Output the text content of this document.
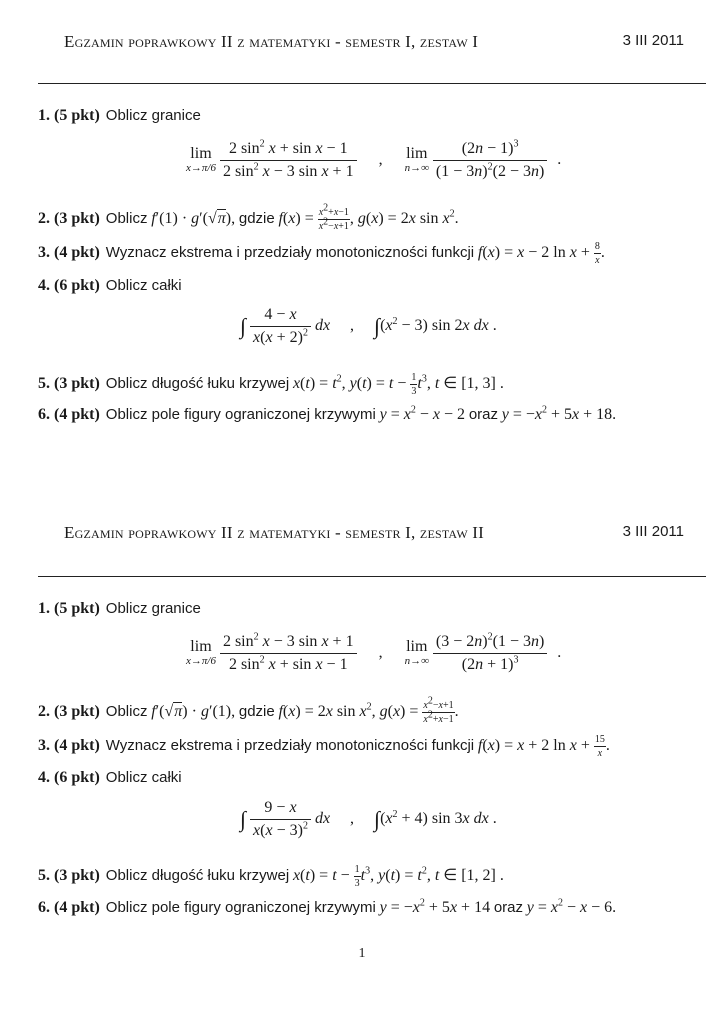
Egzamin poprawkowy II z matematyki - semestr I, zestaw I	3 III 2011
1. (5 pkt) Oblicz granice
lim
x→π/6
$\frac{2 \sin^2 x + \sin x - 1}{2 \sin^2 x - 3 \sin x + 1}$ , lim
n→∞
$\frac{(2n - 1)^3}{(1 - 3n)^2(2 - 3n)}$ .
2. (3 pkt) Oblicz f′(1) · g′(√π), gdzie $f(x) = \frac{x^2+x-1}{x^2-x+1}$ , g(x) = 2x $\sin x^2$.
3. (4 pkt) Wyznacz ekstrema i przedziały monotoniczności funkcji f(x) = x − 2 $\ln x + \frac{8}{x}$ .
4. (6 pkt) Oblicz całki
∫ $\frac{4 - x}{x(x + 2)^2}$ dx , $\int(x^2 - 3)$ sin 2x dx .
5. (3 pkt) Oblicz długość łuku krzywej $x(t) = t^2$, $y(t) = t - \frac{1}{3} t^3$, t ∈ [1, 3] .
6. (4 pkt) Oblicz pole figury ograniczonej krzywymi $y = x^2 - x - 2$ oraz $y = -x^2 + 5x + 18$.
Egzamin poprawkowy II z matematyki - semestr I, zestaw II	3 III 2011
1. (5 pkt) Oblicz granice
lim
x→π/6
$\frac{2 \sin^2 x - 3 \sin x + 1}{2 \sin^2 x + \sin x - 1}$ , lim
n→∞
$\frac{(3 - 2n)^2(1 - 3n)}{(2n + 1)^3}$ .
2. (3 pkt) Oblicz f′(√π) · g′(1), gdzie f(x) = 2x $\sin x^2$, $g(x) = \frac{x^2-x+1}{x^2+x-1}$ .
3. (4 pkt) Wyznacz ekstrema i przedziały monotoniczności funkcji f(x) = x + 2 $\ln x + \frac{15}{x}$ .
4. (6 pkt) Oblicz całki
∫ $\frac{9 - x}{x(x - 3)^2}$ dx , $\int(x^2 + 4)$ sin 3x dx .
5. (3 pkt) Oblicz długość łuku krzywej $x(t) = t - \frac{1}{3} t^3$, $y(t) = t^2$, t ∈ [1, 2] .
6. (4 pkt) Oblicz pole figury ograniczonej krzywymi $y = -x^2 + 5x + 14$ oraz $y = x^2 - x - 6$.
1
